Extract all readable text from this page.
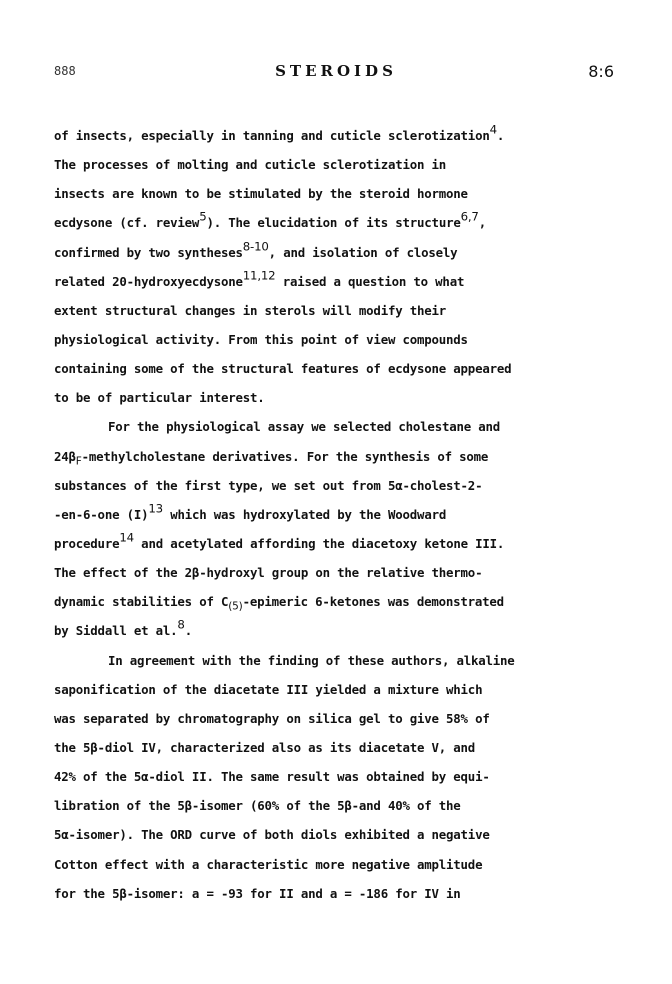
888	STEROIDS	8:6
of insects, especially in tanning and cuticle sclerotization$^4$.
The processes of molting and cuticle sclerotization in
insects are known to be stimulated by the steroid hormone
ecdysone (cf. review$^5$). The elucidation of its structure$^{6,7}$,
confirmed by two syntheses$^{8-10}$, and isolation of closely
related 20-hydroxyecdysone$^{11,12}$ raised a question to what
extent structural changes in sterols will modify their
physiological activity. From this point of view compounds
containing some of the structural features of ecdysone appeared
to be of particular interest.
For the physiological assay we selected cholestane and
$24\beta_F$-methylcholestane derivatives. For the synthesis of some
substances of the first type, we set out from 5α-cholest-2-
-en-6-one $(I)^{13}$ which was hydroxylated by the Woodward
procedure$^{14}$ and acetylated affording the diacetoxy ketone III.
The effect of the 2β-hydroxyl group on the relative thermo-
dynamic stabilities of $C_{(5)}$-epimeric 6-ketones was demonstrated
by Siddall et al.$^8$.
In agreement with the finding of these authors, alkaline
saponification of the diacetate III yielded a mixture which
was separated by chromatography on silica gel to give 58% of
the 5β-diol IV, characterized also as its diacetate V, and
42% of the 5α-diol II. The same result was obtained by equi-
libration of the 5β-isomer (60% of the 5β-and 40% of the
5α-isomer). The ORD curve of both diols exhibited a negative
Cotton effect with a characteristic more negative amplitude
for the 5β-isomer: a = -93 for II and a = -186 for IV in
